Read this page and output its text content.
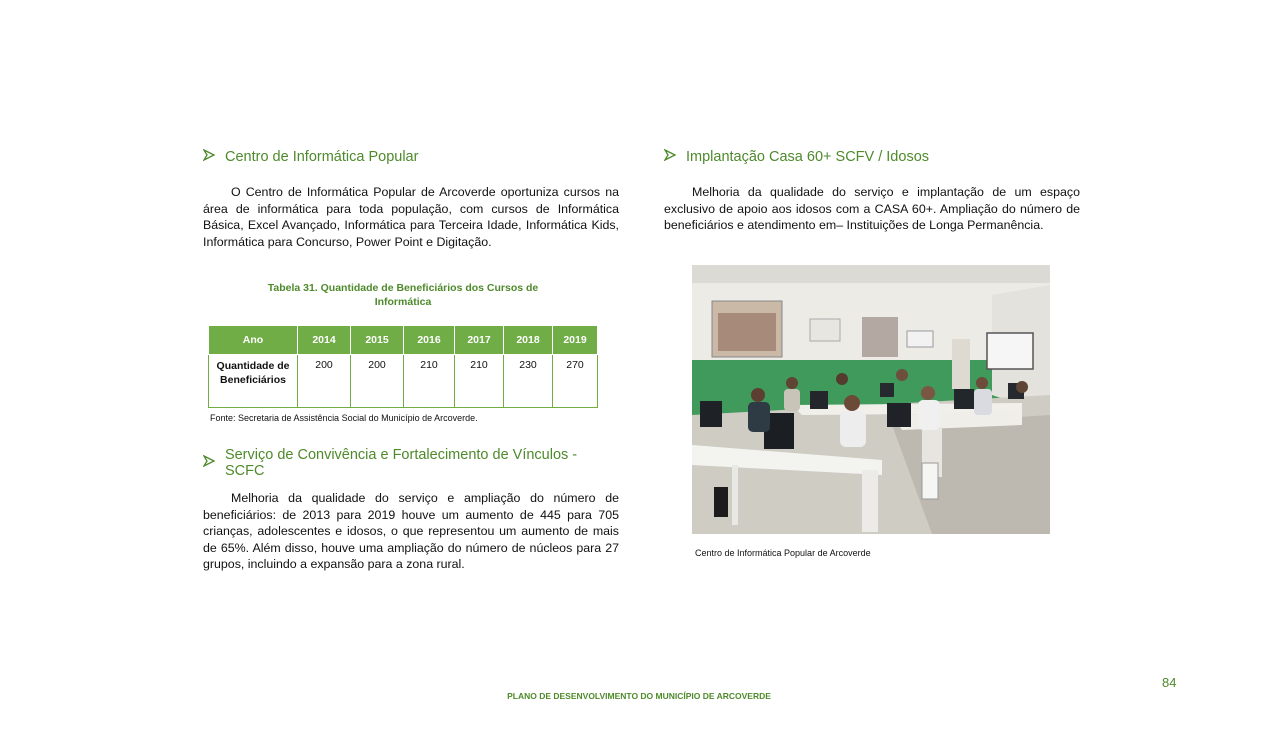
Centro de Informática Popular

O Centro de Informática Popular de Arcoverde oportuniza cursos na área de informática para toda população, com cursos de Informática Básica, Excel Avançado, Informática para Terceira Idade, Informática Kids, Informática para Concurso, Power Point e Digitação.

Tabela 31. Quantidade de Beneficiários dos Cursos de Informática
Ano	2014	2015	2016	2017	2018	2019
Quantidade de Beneficiários	200	200	210	210	230	270
Fonte: Secretaria de Assistência Social do Município de Arcoverde.
Serviço de Convivência e Fortalecimento de Vínculos - SCFC

Melhoria da qualidade do serviço e ampliação do número de beneficiários: de 2013 para 2019 houve um aumento de 445 para 705 crianças, adolescentes e idosos, o que representou um aumento de mais de 65%. Além disso, houve uma ampliação do número de núcleos para 27 grupos, incluindo a expansão para a zona rural.

Implantação Casa 60+ SCFV / Idosos

Melhoria da qualidade do serviço e implantação de um espaço exclusivo de apoio aos idosos com a CASA 60+. Ampliação do número de beneficiários e atendimento em– Instituições de Longa Permanência.

Centro de Informática Popular de Arcoverde
84
PLANO DE DESENVOLVIMENTO DO MUNICÍPIO DE ARCOVERDE
